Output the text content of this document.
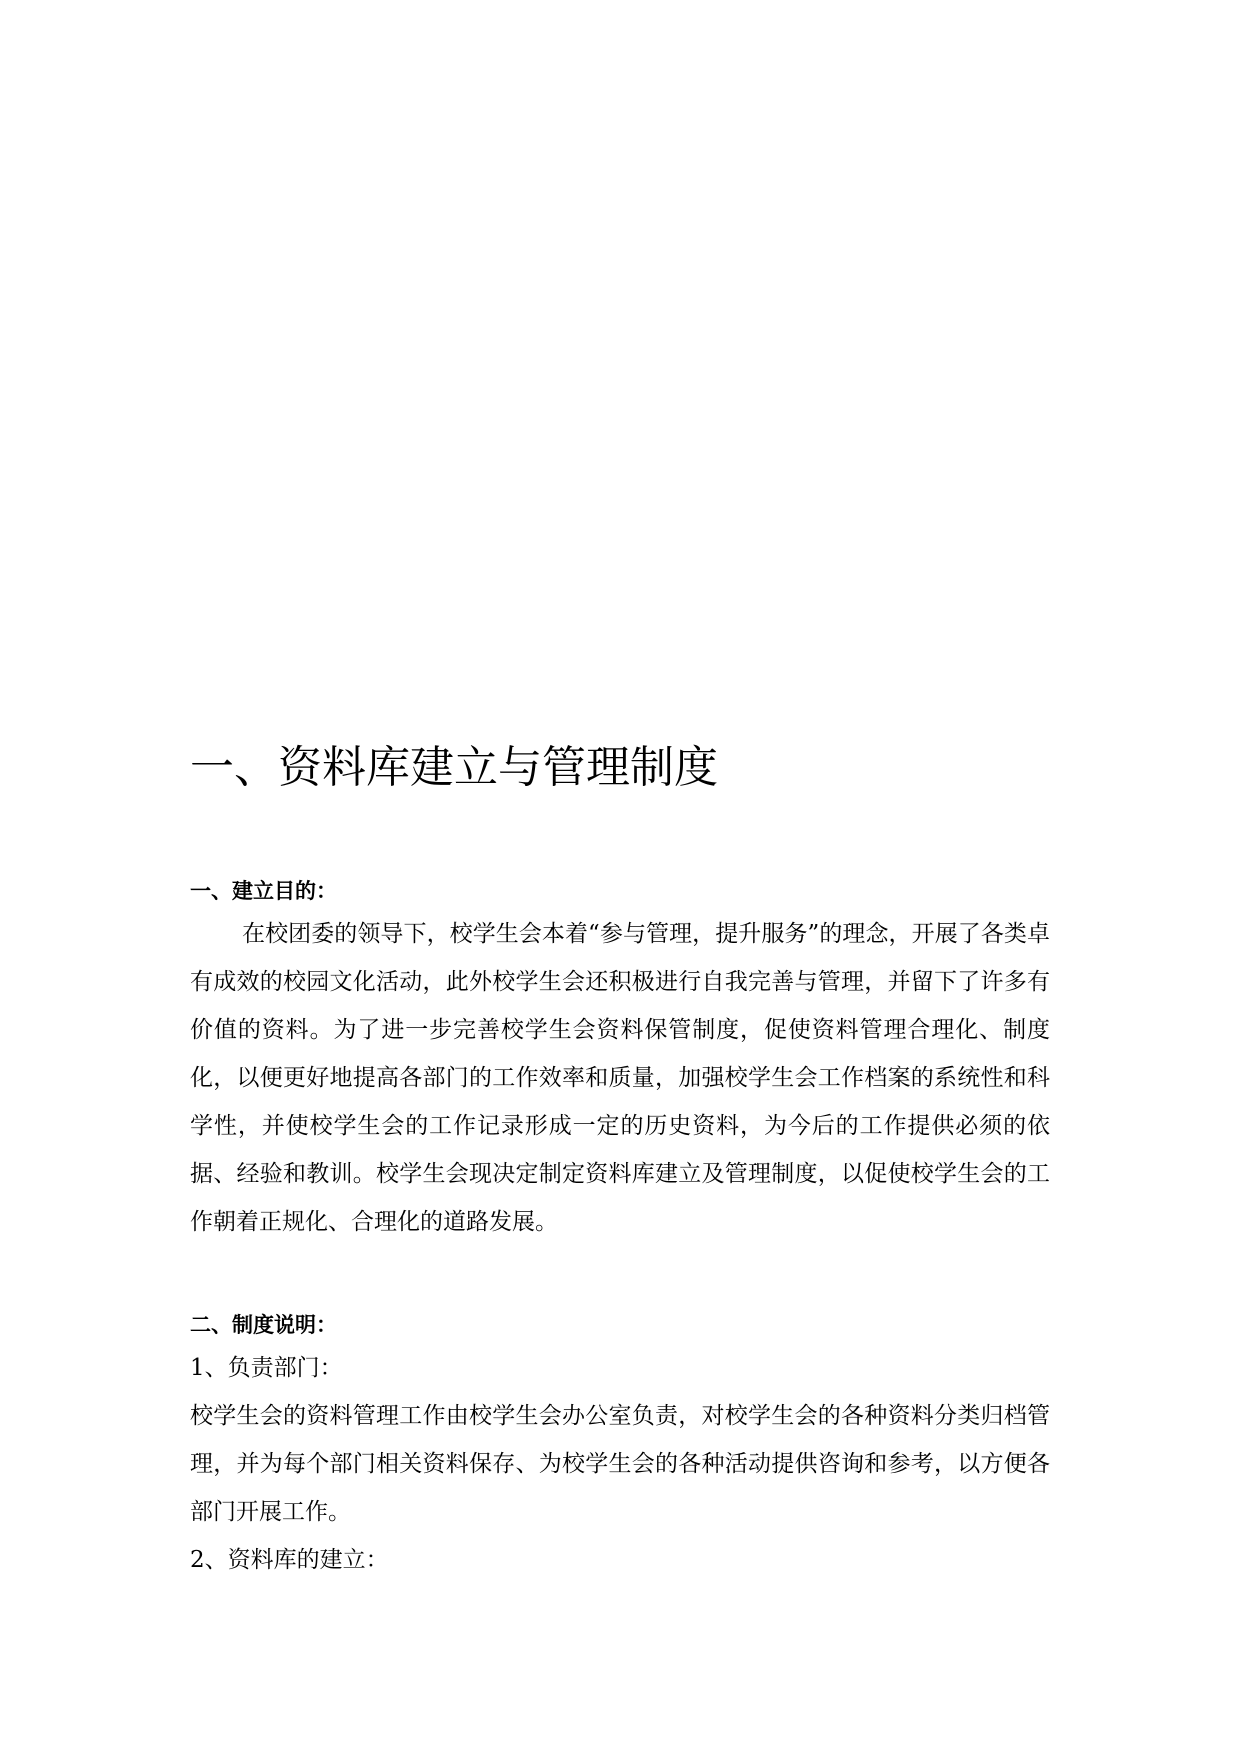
一、资料库建立与管理制度
一、建立目的：

在校团委的领导下，校学生会本着“参与管理，提升服务”的理念，开展了各类卓有成效的校园文化活动，此外校学生会还积极进行自我完善与管理，并留下了许多有价值的资料。为了进一步完善校学生会资料保管制度，促使资料管理合理化、制度化，以便更好地提高各部门的工作效率和质量，加强校学生会工作档案的系统性和科学性，并使校学生会的工作记录形成一定的历史资料，为今后的工作提供必须的依据、经验和教训。校学生会现决定制定资料库建立及管理制度，以促使校学生会的工作朝着正规化、合理化的道路发展。

二、制度说明：

1、负责部门：

校学生会的资料管理工作由校学生会办公室负责，对校学生会的各种资料分类归档管理，并为每个部门相关资料保存、为校学生会的各种活动提供咨询和参考，以方便各部门开展工作。

2、资料库的建立：
